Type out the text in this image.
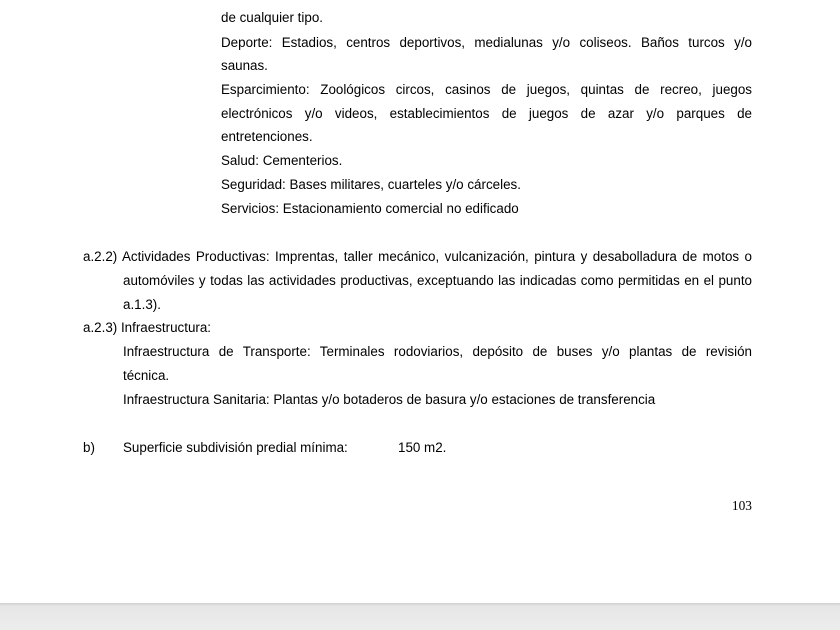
de cualquier tipo.
Deporte: Estadios, centros deportivos, medialunas y/o coliseos. Baños turcos y/o
saunas.
Esparcimiento: Zoológicos circos, casinos de juegos, quintas de recreo, juegos
electrónicos y/o videos, establecimientos de juegos de azar y/o parques de
entretenciones.
Salud: Cementerios.
Seguridad: Bases militares, cuarteles y/o cárceles.
Servicios: Estacionamiento comercial no edificado
a.2.2) Actividades Productivas: Imprentas, taller mecánico, vulcanización, pintura y desabolladura de motos o
automóviles y todas las actividades productivas, exceptuando las indicadas como permitidas en el punto
a.1.3).
a.2.3) Infraestructura:
Infraestructura de Transporte: Terminales rodoviarios, depósito de buses y/o plantas de revisión
técnica.
Infraestructura Sanitaria: Plantas y/o botaderos de basura y/o estaciones de transferencia
b) Superficie subdivisión predial mínima:	150 m2.
103
